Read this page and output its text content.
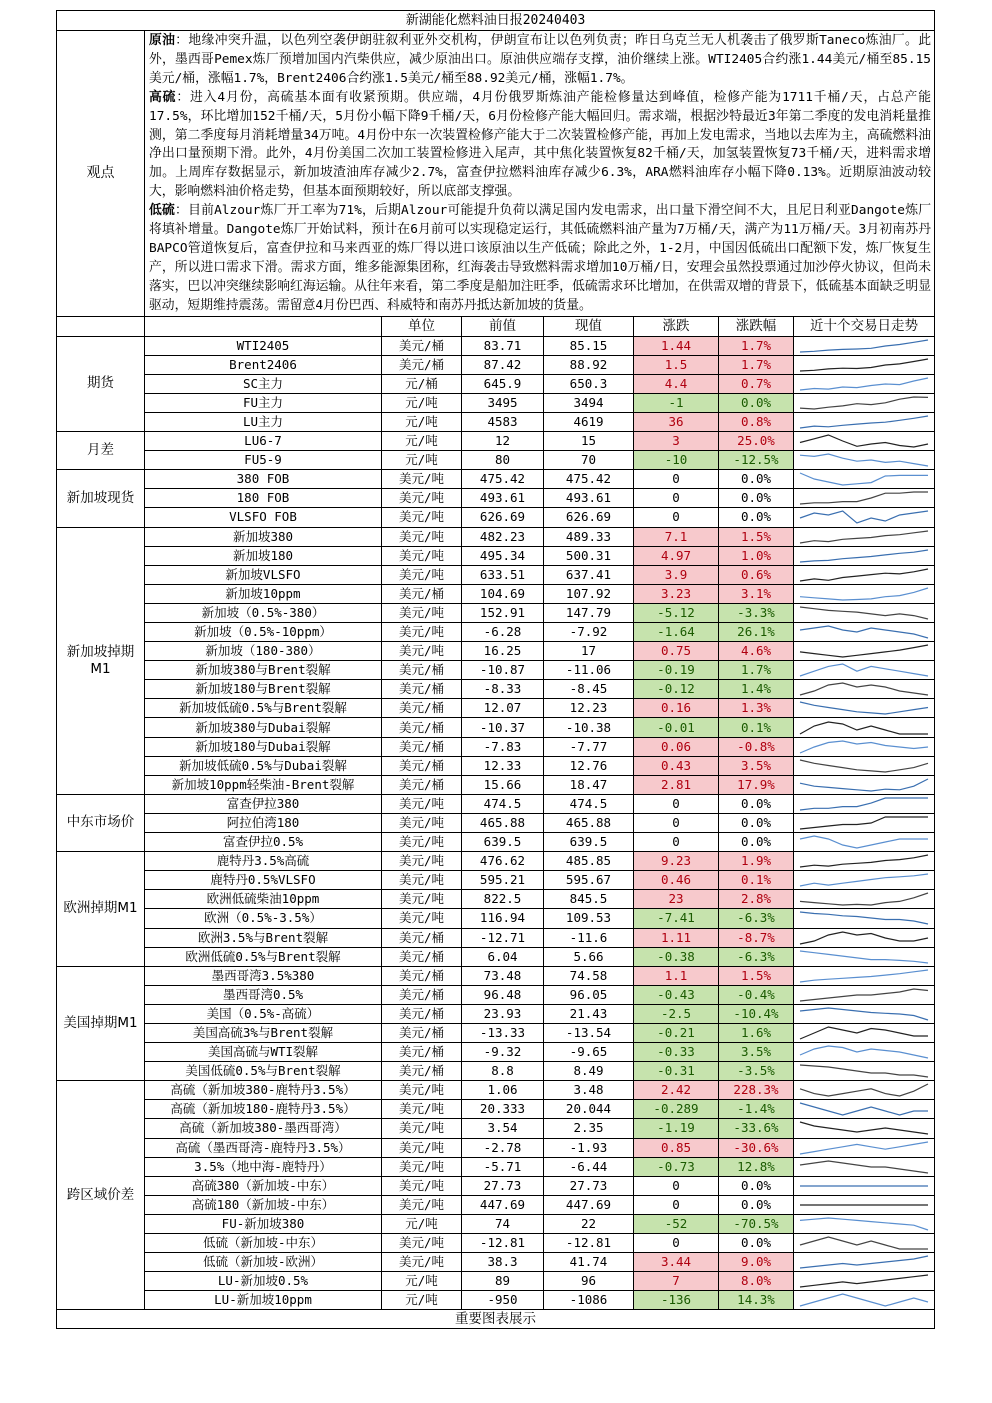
新湖能化燃料油日报20240403							
观点	原油：地缘冲突升温，以色列空袭伊朗驻叙利亚外交机构，伊朗宣布让以色列负责；昨日乌克兰无人机袭击了俄罗斯Taneco炼油厂。此外，墨西哥Pemex炼厂预增加国内汽柴供应，减少原油出口。原油供应端存支撑，油价继续上涨。WTI2405合约涨1.44美元/桶至85.15美元/桶，涨幅1.7%，Brent2406合约涨1.5美元/桶至88.92美元/桶，涨幅1.7%。

高硫：进入4月份，高硫基本面有收紧预期。供应端，4月份俄罗斯炼油产能检修量达到峰值，检修产能为1711千桶/天，占总产能17.5%，环比增加152千桶/天，5月份小幅下降9千桶/天，6月份检修产能大幅回归。需求端，根据沙特最近3年第二季度的发电消耗量推测，第二季度每月消耗增量34万吨。4月份中东一次装置检修产能大于二次装置检修产能，再加上发电需求，当地以去库为主，高硫燃料油净出口量预期下滑。此外，4月份美国二次加工装置检修进入尾声，其中焦化装置恢复82千桶/天，加氢装置恢复73千桶/天，进料需求增加。上周库存数据显示，新加坡渣油库存减少2.7%，富查伊拉燃料油库存减少6.3%，ARA燃料油库存小幅下降0.13%。近期原油波动较大，影响燃料油价格走势，但基本面预期较好，所以底部支撑强。

低硫：目前Alzour炼厂开工率为71%，后期Alzour可能提升负荷以满足国内发电需求，出口量下滑空间不大，且尼日利亚Dangote炼厂将填补增量。Dangote炼厂开始试料，预计在6月前可以实现稳定运行，其低硫燃料油产量为7万桶/天，满产为11万桶/天。3月初南苏丹BAPCO管道恢复后，富查伊拉和马来西亚的炼厂得以进口该原油以生产低硫；除此之外，1-2月，中国因低硫出口配额下发，炼厂恢复生产，所以进口需求下滑。需求方面，维多能源集团称，红海袭击导致燃料需求增加10万桶/日，安理会虽然投票通过加沙停火协议，但尚未落实，巴以冲突继续影响红海运输。从往年来看，第二季度是船加注旺季，低硫需求环比增加，在供需双增的背景下，低硫基本面缺乏明显驱动，短期维持震荡。需留意4月份巴西、科威特和南苏丹抵达新加坡的货量。						

		单位	前值	现值	涨跌	涨跌幅	近十个交易日走势
期货	WTI2405	美元/桶	83.71	85.15	1.44	1.7%	

	Brent2406	美元/桶	87.42	88.92	1.5	1.7%	

	SC主力	元/桶	645.9	650.3	4.4	0.7%	

	FU主力	元/吨	3495	3494	-1	0.0%	

	LU主力	元/吨	4583	4619	36	0.8%	

月差	LU6-7	元/吨	12	15	3	25.0%	

	FU5-9	元/吨	80	70	-10	-12.5%	

新加坡现货	380 FOB	美元/吨	475.42	475.42	0	0.0%	

	180 FOB	美元/吨	493.61	493.61	0	0.0%	

	VLSFO FOB	美元/吨	626.69	626.69	0	0.0%	

新加坡掉期M1	新加坡380	美元/吨	482.23	489.33	7.1	1.5%	

	新加坡180	美元/吨	495.34	500.31	4.97	1.0%	

	新加坡VLSFO	美元/吨	633.51	637.41	3.9	0.6%	

	新加坡10ppm	美元/桶	104.69	107.92	3.23	3.1%	

	新加坡（0.5%-380）	美元/吨	152.91	147.79	-5.12	-3.3%	

	新加坡（0.5%-10ppm）	美元/吨	-6.28	-7.92	-1.64	26.1%	

	新加坡（180-380）	美元/吨	16.25	17	0.75	4.6%	

	新加坡380与Brent裂解	美元/桶	-10.87	-11.06	-0.19	1.7%	

	新加坡180与Brent裂解	美元/桶	-8.33	-8.45	-0.12	1.4%	

	新加坡低硫0.5%与Brent裂解	美元/桶	12.07	12.23	0.16	1.3%	

	新加坡380与Dubai裂解	美元/桶	-10.37	-10.38	-0.01	0.1%	

	新加坡180与Dubai裂解	美元/桶	-7.83	-7.77	0.06	-0.8%	

	新加坡低硫0.5%与Dubai裂解	美元/桶	12.33	12.76	0.43	3.5%	

	新加坡10ppm轻柴油-Brent裂解	美元/桶	15.66	18.47	2.81	17.9%	

中东市场价	富查伊拉380	美元/吨	474.5	474.5	0	0.0%	

	阿拉伯湾180	美元/吨	465.88	465.88	0	0.0%	

	富查伊拉0.5%	美元/吨	639.5	639.5	0	0.0%	

欧洲掉期M1	鹿特丹3.5%高硫	美元/吨	476.62	485.85	9.23	1.9%	

	鹿特丹0.5%VLSFO	美元/吨	595.21	595.67	0.46	0.1%	

	欧洲低硫柴油10ppm	美元/吨	822.5	845.5	23	2.8%	

	欧洲（0.5%-3.5%）	美元/吨	116.94	109.53	-7.41	-6.3%	

	欧洲3.5%与Brent裂解	美元/桶	-12.71	-11.6	1.11	-8.7%	

	欧洲低硫0.5%与Brent裂解	美元/桶	6.04	5.66	-0.38	-6.3%	

美国掉期M1	墨西哥湾3.5%380	美元/桶	73.48	74.58	1.1	1.5%	

	墨西哥湾0.5%	美元/桶	96.48	96.05	-0.43	-0.4%	

	美国（0.5%-高硫）	美元/桶	23.93	21.43	-2.5	-10.4%	

	美国高硫3%与Brent裂解	美元/桶	-13.33	-13.54	-0.21	1.6%	

	美国高硫与WTI裂解	美元/桶	-9.32	-9.65	-0.33	3.5%	

	美国低硫0.5%与Brent裂解	美元/桶	8.8	8.49	-0.31	-3.5%	

跨区域价差	高硫（新加坡380-鹿特丹3.5%）	美元/吨	1.06	3.48	2.42	228.3%	

	高硫（新加坡180-鹿特丹3.5%）	美元/吨	20.333	20.044	-0.289	-1.4%	

	高硫（新加坡380-墨西哥湾）	美元/吨	3.54	2.35	-1.19	-33.6%	

	高硫（墨西哥湾-鹿特丹3.5%）	美元/吨	-2.78	-1.93	0.85	-30.6%	

	3.5%（地中海-鹿特丹）	美元/吨	-5.71	-6.44	-0.73	12.8%	

	高硫380（新加坡-中东）	美元/吨	27.73	27.73	0	0.0%	

	高硫180（新加坡-中东）	美元/吨	447.69	447.69	0	0.0%	

	FU-新加坡380	元/吨	74	22	-52	-70.5%	

	低硫（新加坡-中东）	美元/吨	-12.81	-12.81	0	0.0%	

	低硫（新加坡-欧洲）	美元/吨	38.3	41.74	3.44	9.0%	

	LU-新加坡0.5%	元/吨	89	96	7	8.0%	

	LU-新加坡10ppm	元/吨	-950	-1086	-136	14.3%	

重要图表展示							
